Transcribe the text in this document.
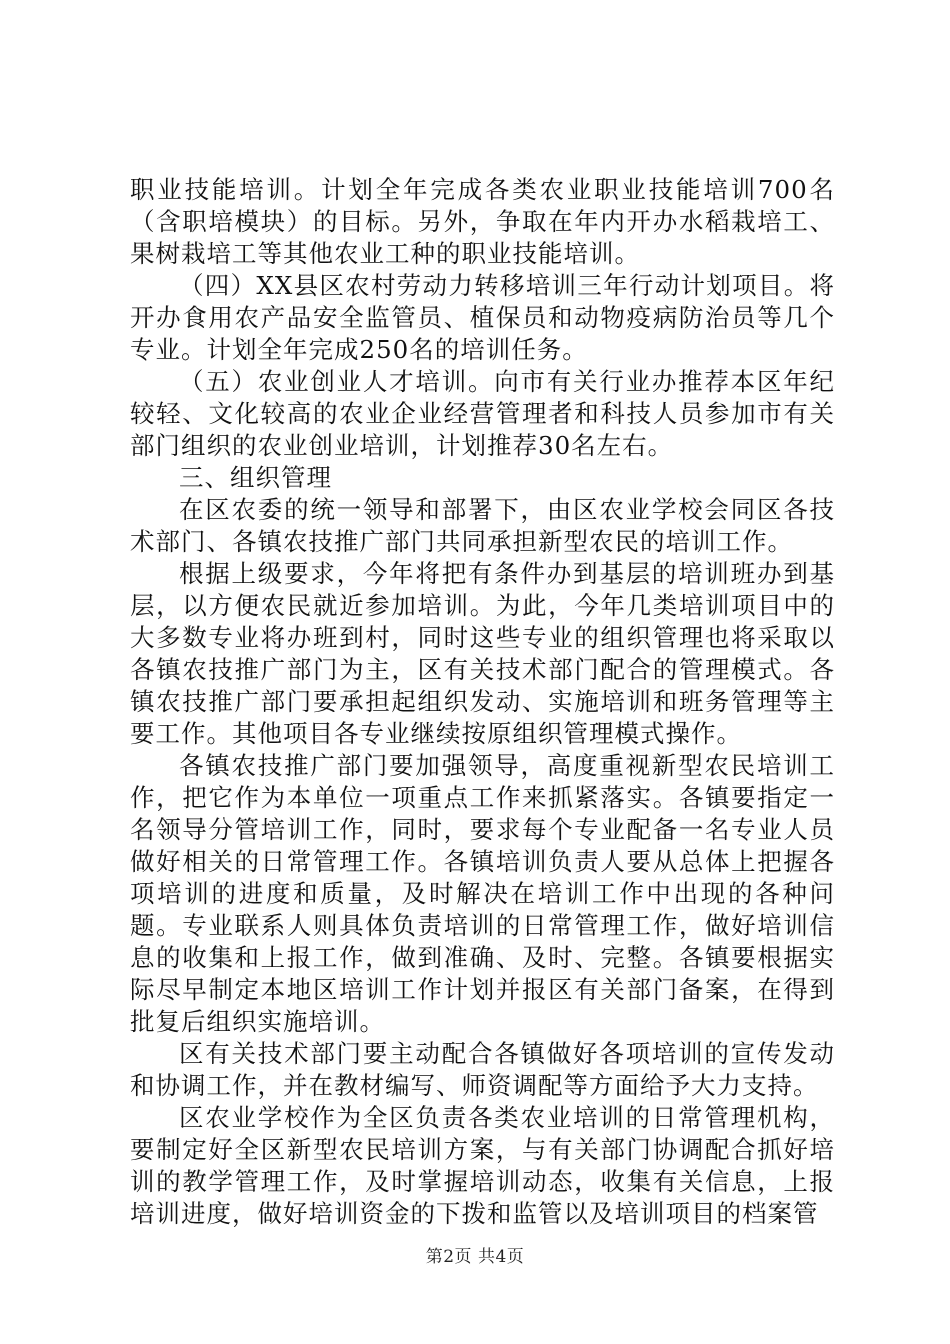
职业技能培训。计划全年完成各类农业职业技能培训700名（含职培模块）的目标。另外，争取在年内开办水稻栽培工、果树栽培工等其他农业工种的职业技能培训。

（四）XX县区农村劳动力转移培训三年行动计划项目。将开办食用农产品安全监管员、植保员和动物疫病防治员等几个专业。计划全年完成250名的培训任务。

（五）农业创业人才培训。向市有关行业办推荐本区年纪较轻、文化较高的农业企业经营管理者和科技人员参加市有关部门组织的农业创业培训，计划推荐30名左右。

三、组织管理

在区农委的统一领导和部署下，由区农业学校会同区各技术部门、各镇农技推广部门共同承担新型农民的培训工作。

根据上级要求，今年将把有条件办到基层的培训班办到基层，以方便农民就近参加培训。为此，今年几类培训项目中的大多数专业将办班到村，同时这些专业的组织管理也将采取以各镇农技推广部门为主，区有关技术部门配合的管理模式。各镇农技推广部门要承担起组织发动、实施培训和班务管理等主要工作。其他项目各专业继续按原组织管理模式操作。

各镇农技推广部门要加强领导，高度重视新型农民培训工作，把它作为本单位一项重点工作来抓紧落实。各镇要指定一名领导分管培训工作，同时，要求每个专业配备一名专业人员做好相关的日常管理工作。各镇培训负责人要从总体上把握各项培训的进度和质量，及时解决在培训工作中出现的各种问题。专业联系人则具体负责培训的日常管理工作，做好培训信息的收集和上报工作，做到准确、及时、完整。各镇要根据实际尽早制定本地区培训工作计划并报区有关部门备案，在得到批复后组织实施培训。

区有关技术部门要主动配合各镇做好各项培训的宣传发动和协调工作，并在教材编写、师资调配等方面给予大力支持。

区农业学校作为全区负责各类农业培训的日常管理机构，要制定好全区新型农民培训方案，与有关部门协调配合抓好培训的教学管理工作，及时掌握培训动态，收集有关信息，上报培训进度，做好培训资金的下拨和监管以及培训项目的档案管

第2页 共4页
